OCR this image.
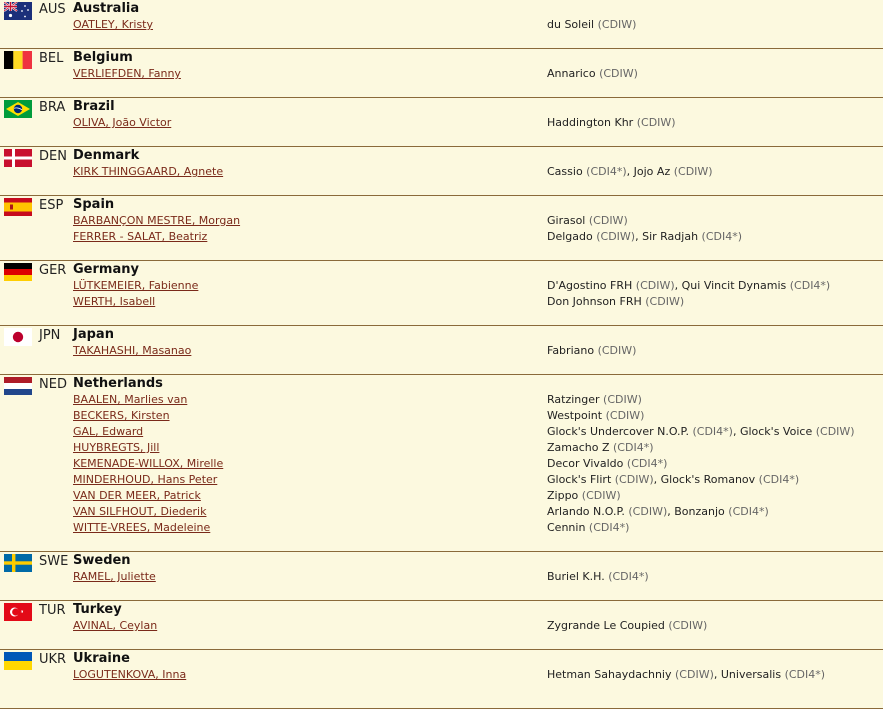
AUS Australia
OATLEY, Kristy	du Soleil (CDIW)
BEL Belgium
VERLIEFDEN, Fanny	Annarico (CDIW)
BRA Brazil
OLIVA, João Victor	Haddington Khr (CDIW)
DEN Denmark
KIRK THINGGAARD, Agnete	Cassio (CDI4*), Jojo Az (CDIW)
ESP Spain
BARBANÇON MESTRE, Morgan	Girasol (CDIW)
FERRER - SALAT, Beatriz	Delgado (CDIW), Sir Radjah (CDI4*)
GER Germany
LÜTKEMEIER, Fabienne	D'Agostino FRH (CDIW), Qui Vincit Dynamis (CDI4*)
WERTH, Isabell	Don Johnson FRH (CDIW)
JPN Japan
TAKAHASHI, Masanao	Fabriano (CDIW)
NED Netherlands
BAALEN, Marlies van	Ratzinger (CDIW)
BECKERS, Kirsten	Westpoint (CDIW)
GAL, Edward	Glock's Undercover N.O.P. (CDI4*), Glock's Voice (CDIW)
HUYBREGTS, Jill	Zamacho Z (CDI4*)
KEMENADE-WILLOX, Mirelle	Decor Vivaldo (CDI4*)
MINDERHOUD, Hans Peter	Glock's Flirt (CDIW), Glock's Romanov (CDI4*)
VAN DER MEER, Patrick	Zippo (CDIW)
VAN SILFHOUT, Diederik	Arlando N.O.P. (CDIW), Bonzanjo (CDI4*)
WITTE-VREES, Madeleine	Cennin (CDI4*)
SWE Sweden
RAMEL, Juliette	Buriel K.H. (CDI4*)
TUR Turkey
AVINAL, Ceylan	Zygrande Le Coupied (CDIW)
UKR Ukraine
LOGUTENKOVA, Inna	Hetman Sahaydachniy (CDIW), Universalis (CDI4*)
